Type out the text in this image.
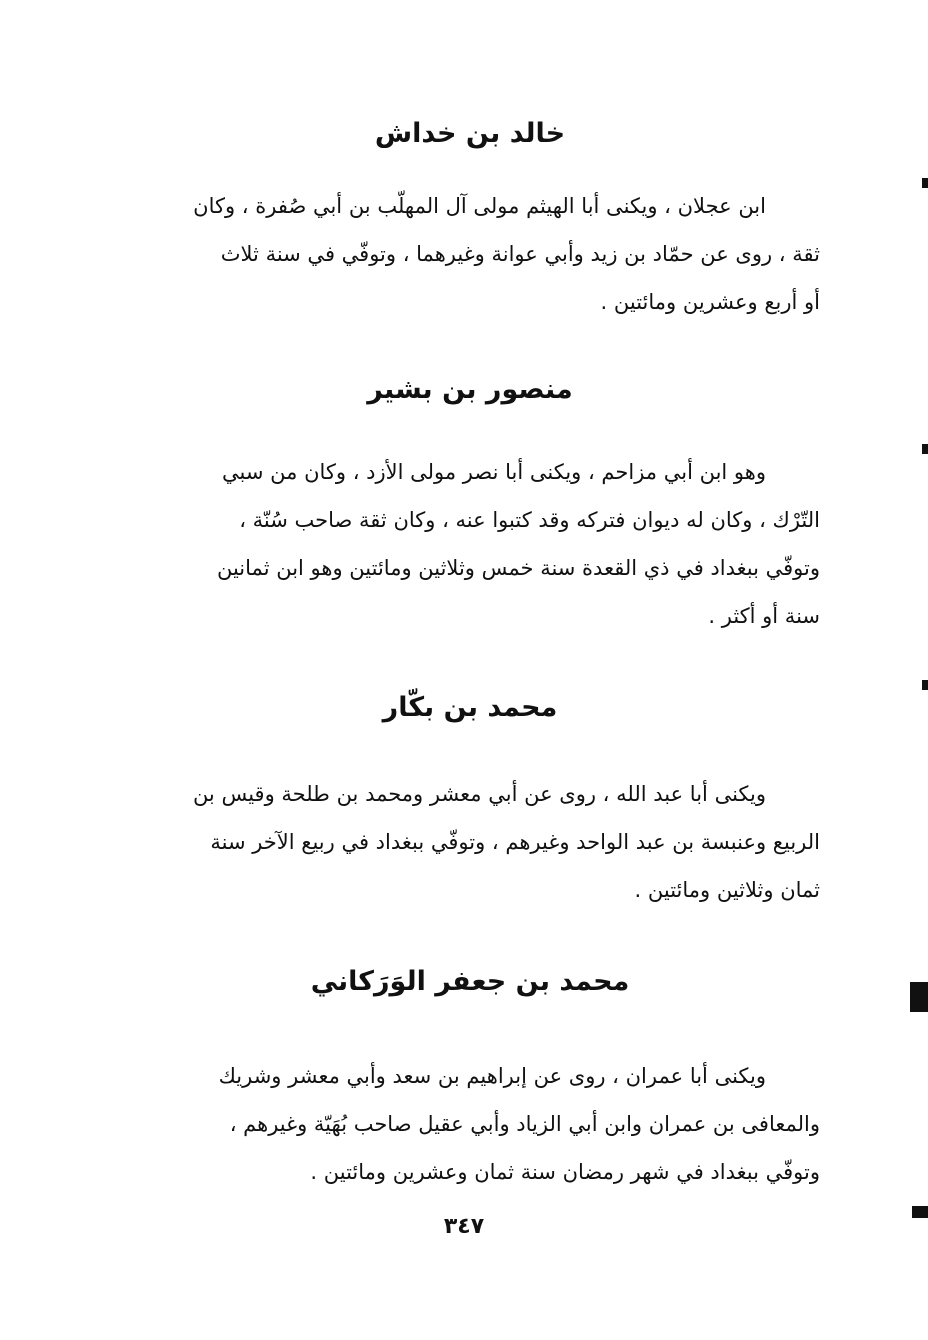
خالد بن خداش
ابن عجلان ، ويكنى أبا الهيثم مولى آل المهلّب بن أبي صُفرة ، وكان
ثقة ، روى عن حمّاد بن زيد وأبي عوانة وغيرهما ، وتوفّي في سنة ثلاث
أو أربع وعشرين ومائتين .
منصور بن بشير
وهو ابن أبي مزاحم ، ويكنى أبا نصر مولى الأزد ، وكان من سبي
التّرْك ، وكان له ديوان فتركه وقد كتبوا عنه ، وكان ثقة صاحب سُنّة ،
وتوفّي ببغداد في ذي القعدة سنة خمس وثلاثين ومائتين وهو ابن ثمانين
سنة أو أكثر .
محمد بن بكّار
ويكنى أبا عبد الله ، روى عن أبي معشر ومحمد بن طلحة وقيس بن
الربيع وعنبسة بن عبد الواحد وغيرهم ، وتوفّي ببغداد في ربيع الآخر سنة
ثمان وثلاثين ومائتين .
محمد بن جعفر الوَرَكاني
ويكنى أبا عمران ، روى عن إبراهيم بن سعد وأبي معشر وشريك
والمعافى بن عمران وابن أبي الزياد وأبي عقيل صاحب بُهَيّة وغيرهم ،
وتوفّي ببغداد في شهر رمضان سنة ثمان وعشرين ومائتين .
٣٤٧
